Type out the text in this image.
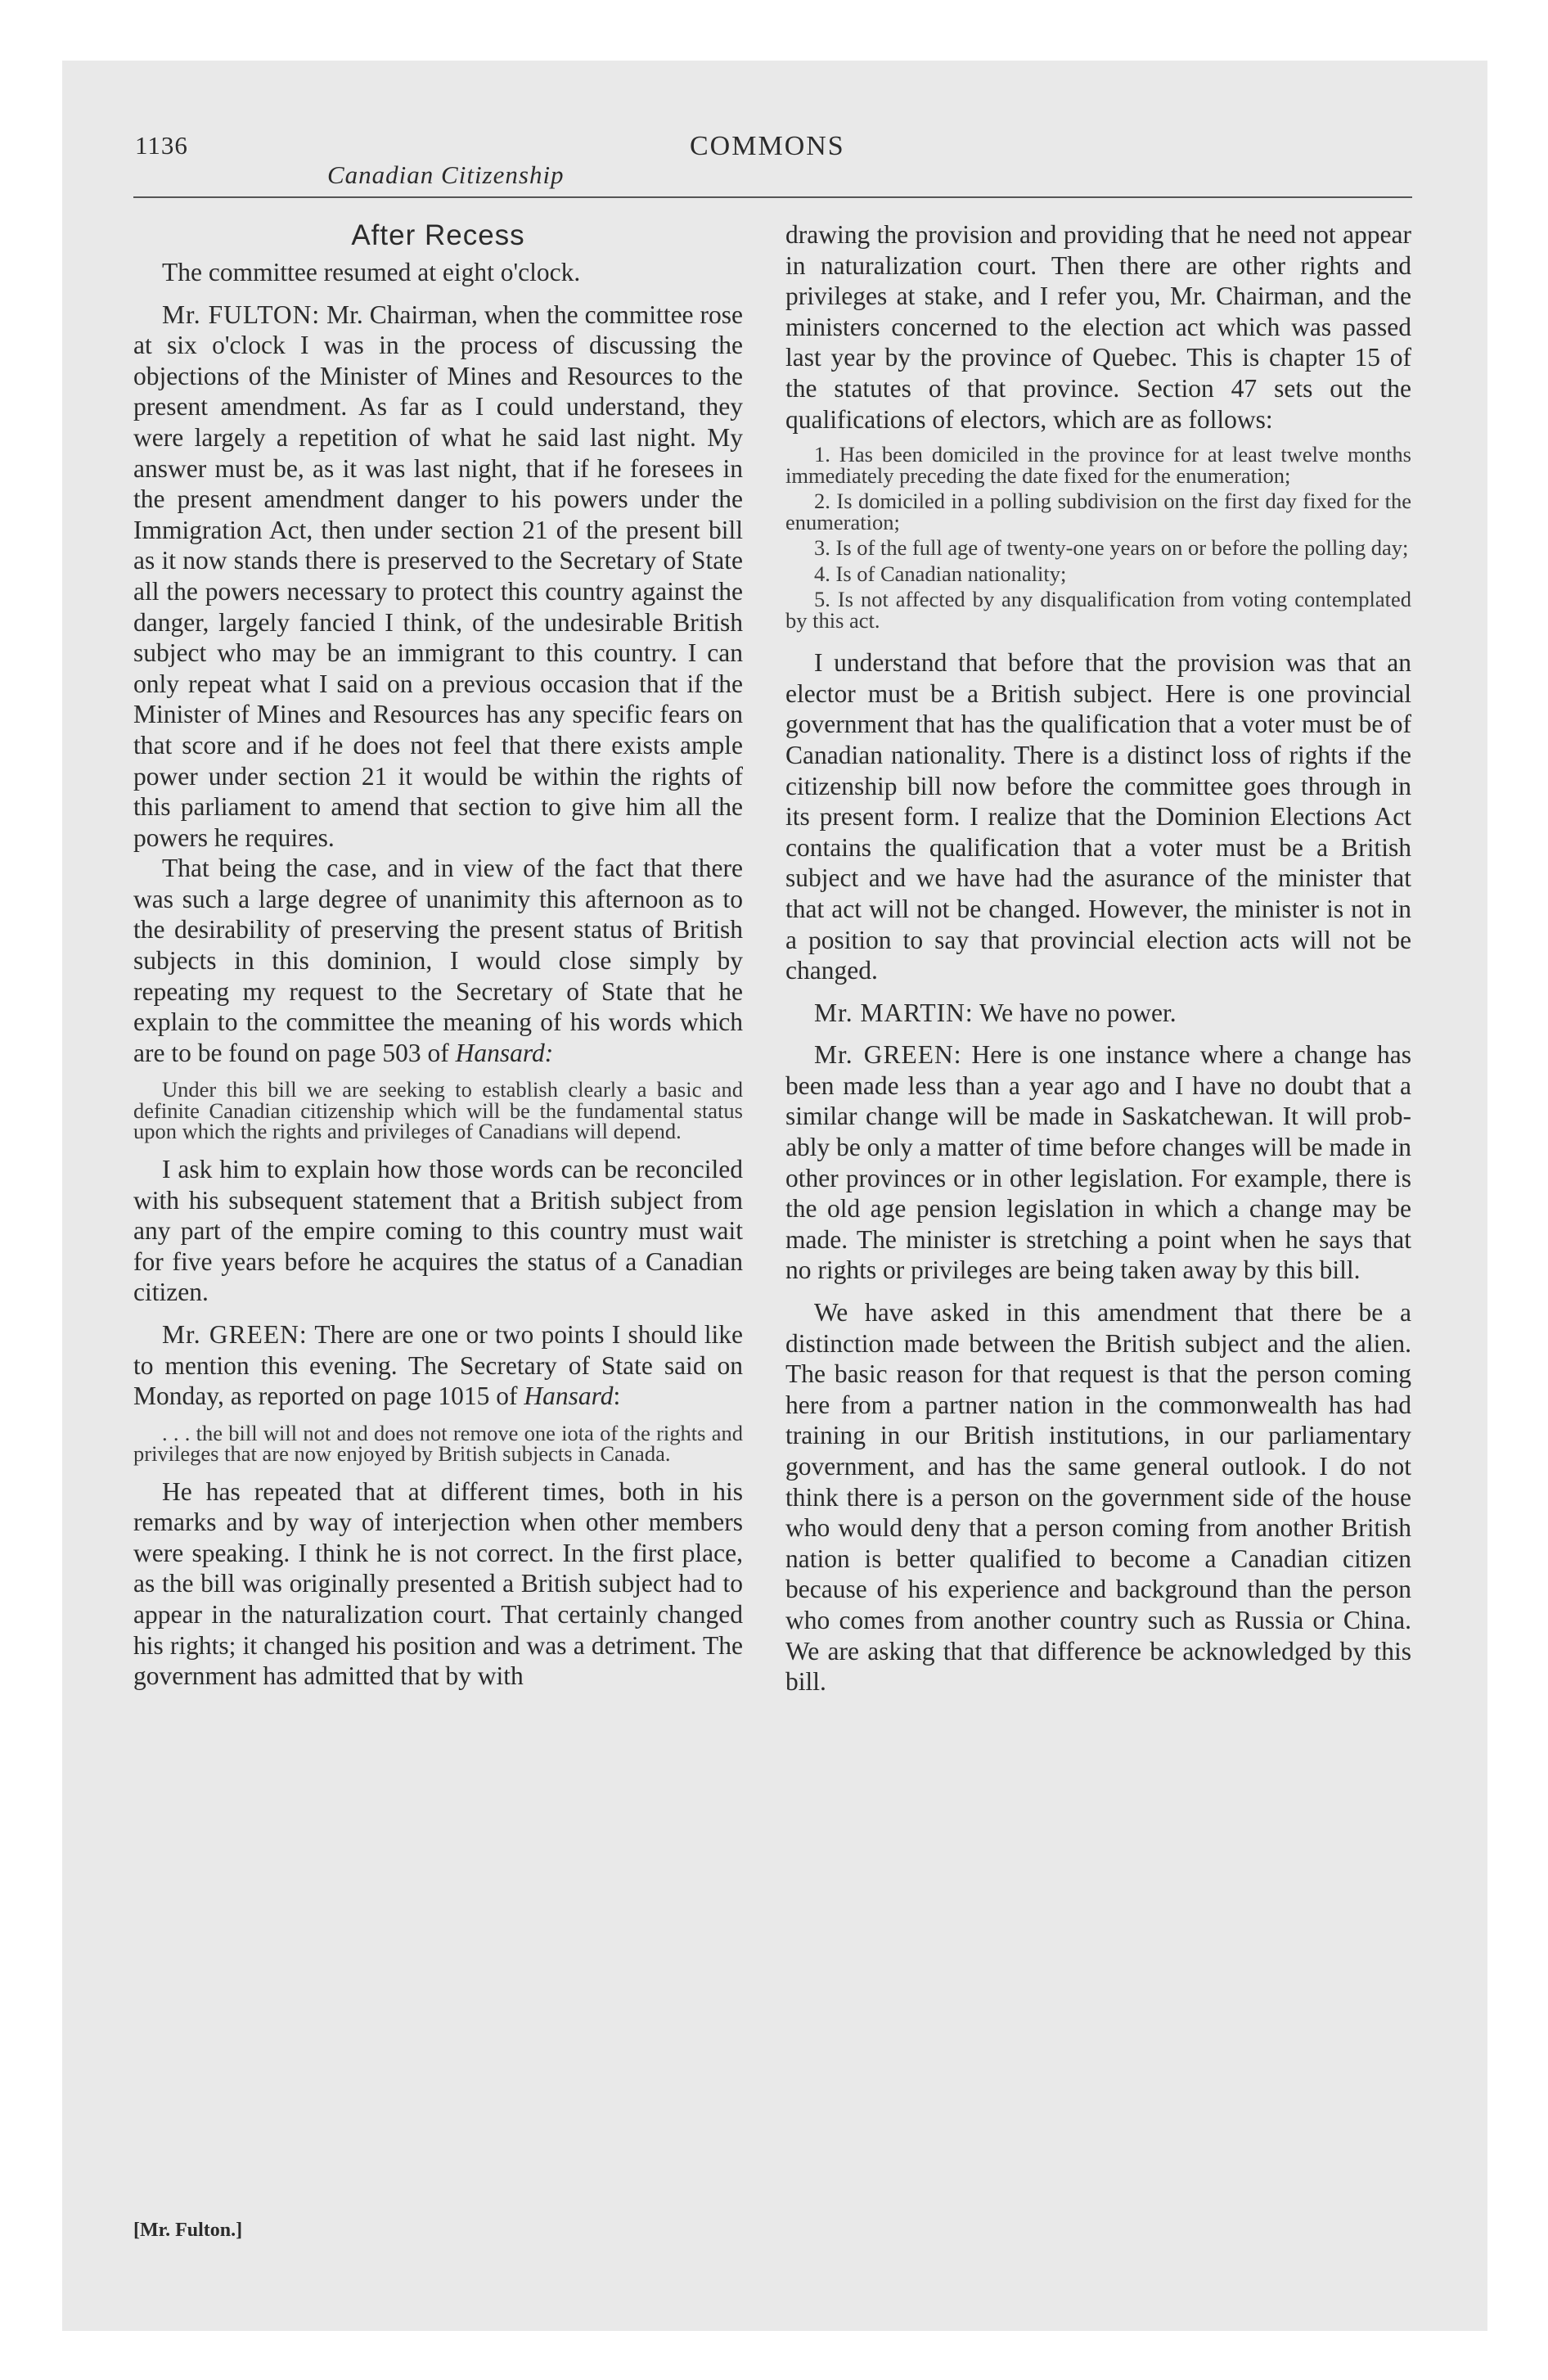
1136
Canadian Citizenship
COMMONS
After Recess

The committee resumed at eight o'clock.

Mr. FULTON: Mr. Chairman, when the committee rose at six o'clock I was in the process of discussing the objections of the Minister of Mines and Resources to the present amendment. As far as I could understand, they were largely a repetition of what he said last night. My answer must be, as it was last night, that if he foresees in the present amendment danger to his powers under the Immigration Act, then under section 21 of the present bill as it now stands there is preserved to the Secretary of State all the powers necessary to protect this country against the danger, largely fancied I think, of the undesirable British subject who may be an immigrant to this country. I can only repeat what I said on a previous occasion that if the Minister of Mines and Resources has any specific fears on that score and if he does not feel that there exists ample power under section 21 it would be within the rights of this parliament to amend that section to give him all the powers he requires.

That being the case, and in view of the fact that there was such a large degree of unanimity this afternoon as to the desirability of preserving the present status of British subjects in this dominion, I would close simply by repeating my request to the Secretary of State that he explain to the committee the meaning of his words which are to be found on page 503 of Hansard:

Under this bill we are seeking to establish clearly a basic and definite Canadian citizenship which will be the fundamental status upon which the rights and privileges of Canadians will depend.

I ask him to explain how those words can be reconciled with his subsequent statement that a British subject from any part of the empire coming to this country must wait for five years before he acquires the status of a Canadian citizen.

Mr. GREEN: There are one or two points I should like to mention this evening. The Secretary of State said on Monday, as reported on page 1015 of Hansard:

. . . the bill will not and does not remove one iota of the rights and privileges that are now enjoyed by British subjects in Canada.

He has repeated that at different times, both in his remarks and by way of interjection when other members were speaking. I think he is not correct. In the first place, as the bill was originally presented a British subject had to appear in the naturalization court. That certainly changed his rights; it changed his position and was a detriment. The government has admitted that by with

drawing the provision and providing that he need not appear in naturalization court. Then there are other rights and privileges at stake, and I refer you, Mr. Chairman, and the ministers concerned to the election act which was passed last year by the province of Quebec. This is chapter 15 of the statutes of that province. Section 47 sets out the qualifications of electors, which are as follows:

1. Has been domiciled in the province for at least twelve months immediately preceding the date fixed for the enumeration;

2. Is domiciled in a polling subdivision on the first day fixed for the enumeration;

3. Is of the full age of twenty-one years on or before the polling day;

4. Is of Canadian nationality;

5. Is not affected by any disqualification from voting contemplated by this act.

I understand that before that the provision was that an elector must be a British subject. Here is one provincial government that has the qualification that a voter must be of Canadian nationality. There is a distinct loss of rights if the citizenship bill now before the committee goes through in its present form. I realize that the Dominion Elections Act contains the qualification that a voter must be a British subject and we have had the asurance of the minister that that act will not be changed. However, the minister is not in a position to say that provincial election acts will not be changed.

Mr. MARTIN: We have no power.

Mr. GREEN: Here is one instance where a change has been made less than a year ago and I have no doubt that a similar change will be made in Saskatchewan. It will probably be only a matter of time before changes will be made in other provinces or in other legislation. For example, there is the old age pension legislation in which a change may be made. The minister is stretching a point when he says that no rights or privileges are being taken away by this bill.

We have asked in this amendment that there be a distinction made between the British subject and the alien. The basic reason for that request is that the person coming here from a partner nation in the commonwealth has had training in our British institutions, in our parliamentary government, and has the same general outlook. I do not think there is a person on the government side of the house who would deny that a person coming from another British nation is better qualified to become a Canadian citizen because of his experience and background than the person who comes from another country such as Russia or China. We are asking that that difference be acknowledged by this bill.

[Mr. Fulton.]
